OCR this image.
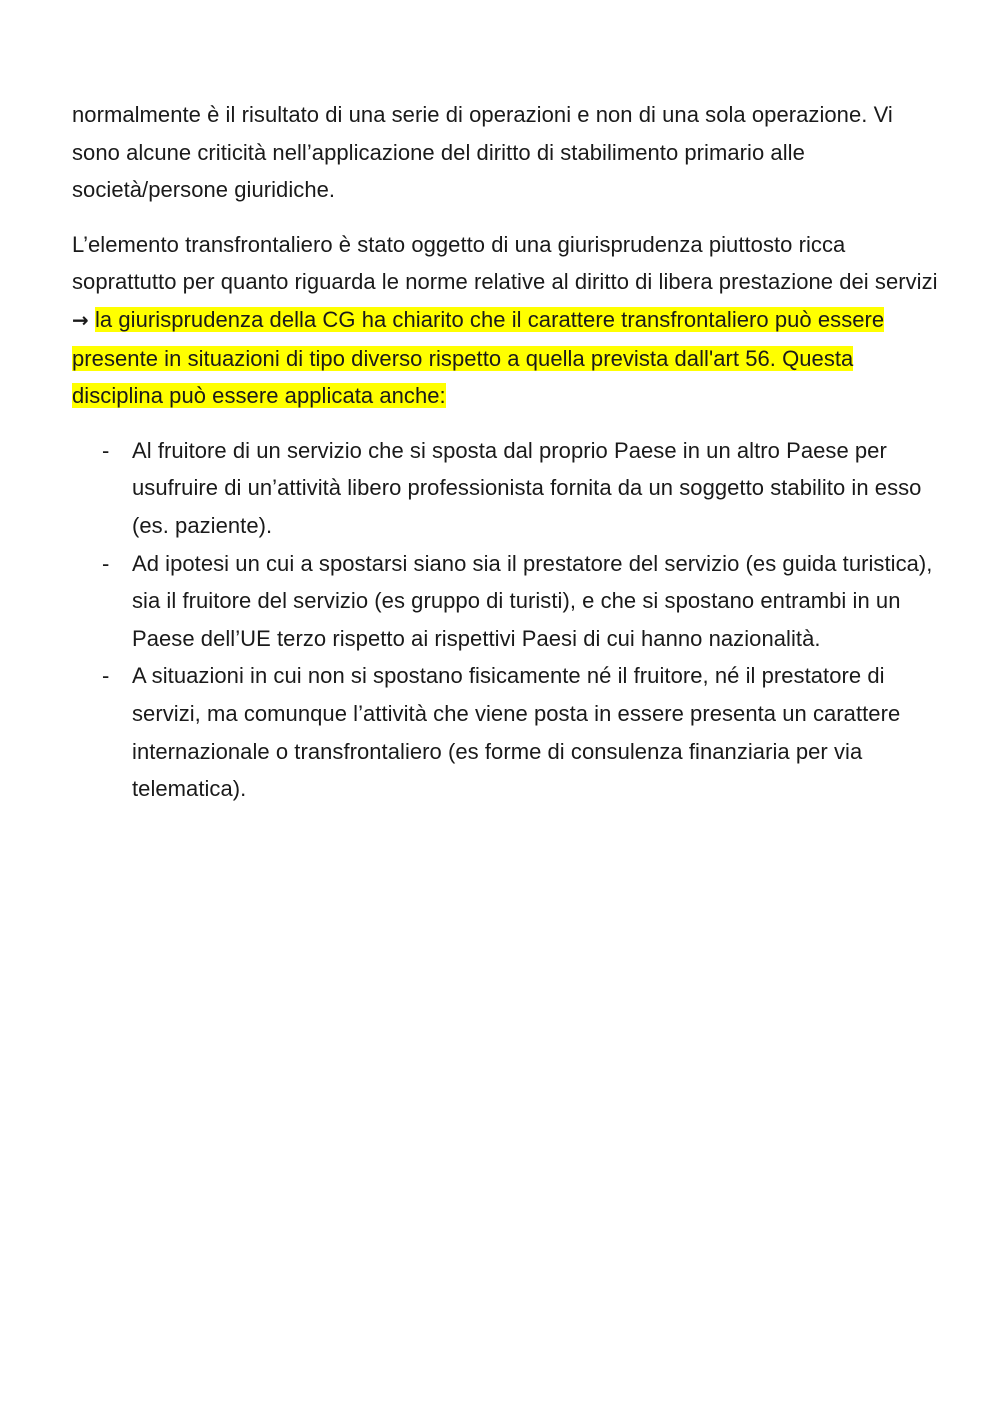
normalmente è il risultato di una serie di operazioni e non di una sola operazione. Vi sono alcune criticità nell’applicazione del diritto di stabilimento primario alle società/persone giuridiche.

L’elemento transfrontaliero è stato oggetto di una giurisprudenza piuttosto ricca soprattutto per quanto riguarda le norme relative al diritto di libera prestazione dei servizi → la giurisprudenza della CG ha chiarito che il carattere transfrontaliero può essere presente in situazioni di tipo diverso rispetto a quella prevista dall'art 56. Questa disciplina può essere applicata anche:

- Al fruitore di un servizio che si sposta dal proprio Paese in un altro Paese per usufruire di un’attività libero professionista fornita da un soggetto stabilito in esso (es. paziente).
- Ad ipotesi un cui a spostarsi siano sia il prestatore del servizio (es guida turistica), sia il fruitore del servizio (es gruppo di turisti), e che si spostano entrambi in un Paese dell’UE terzo rispetto ai rispettivi Paesi di cui hanno nazionalità.
- A situazioni in cui non si spostano fisicamente né il fruitore, né il prestatore di servizi, ma comunque l’attività che viene posta in essere presenta un carattere internazionale o transfrontaliero (es forme di consulenza finanziaria per via telematica).
